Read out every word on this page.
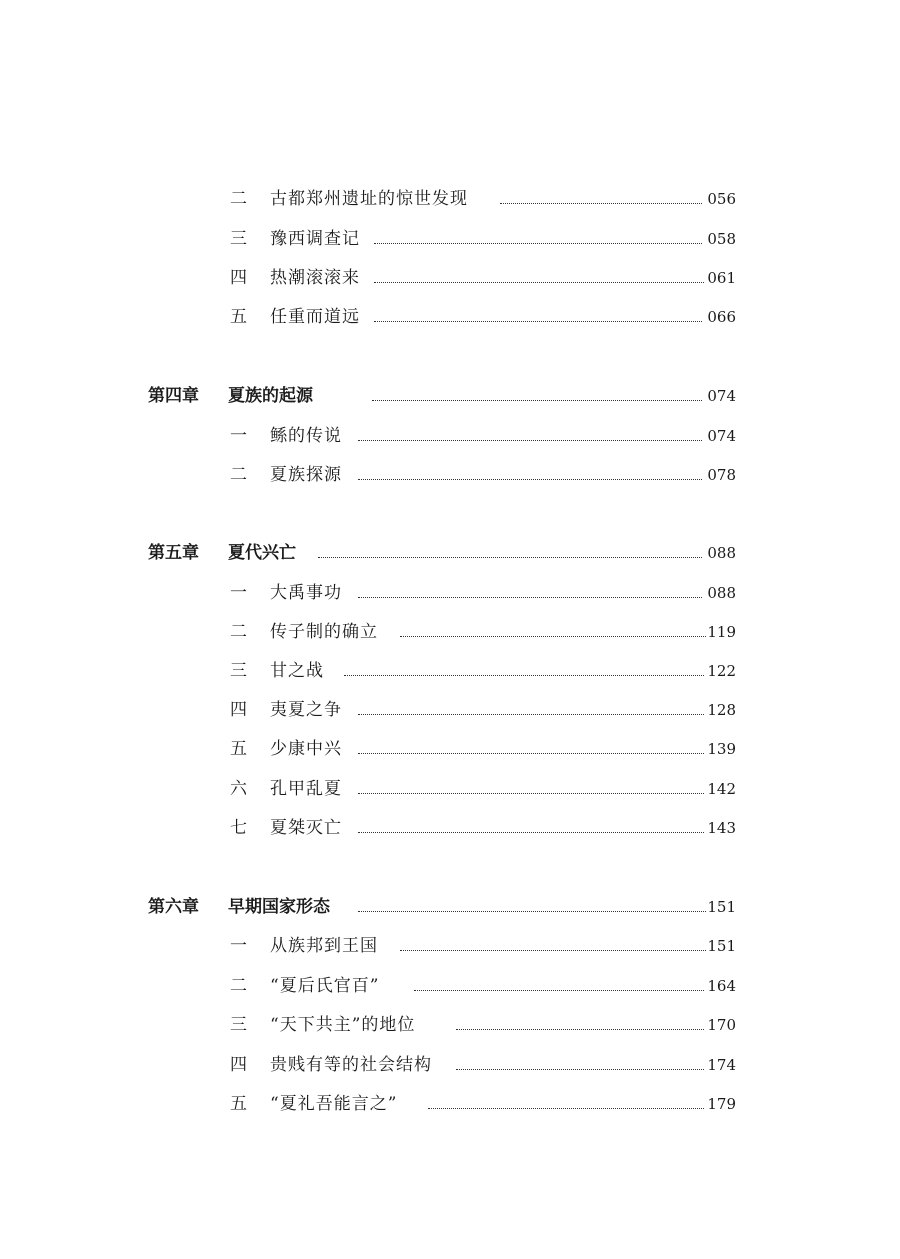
二 古都郑州遗址的惊世发现	056
三 豫西调查记	058
四 热潮滚滚来	061
五 任重而道远	066
第四章 夏族的起源	074
一 鲧的传说	074
二 夏族探源	078
第五章 夏代兴亡	088
一 大禹事功	088
二 传子制的确立	119
三 甘之战	122
四 夷夏之争	128
五 少康中兴	139
六 孔甲乱夏	142
七 夏桀灭亡	143
第六章 早期国家形态	151
一 从族邦到王国	151
二 “夏后氏官百”	164
三 “天下共主”的地位	170
四 贵贱有等的社会结构	174
五 “夏礼吾能言之”	179
